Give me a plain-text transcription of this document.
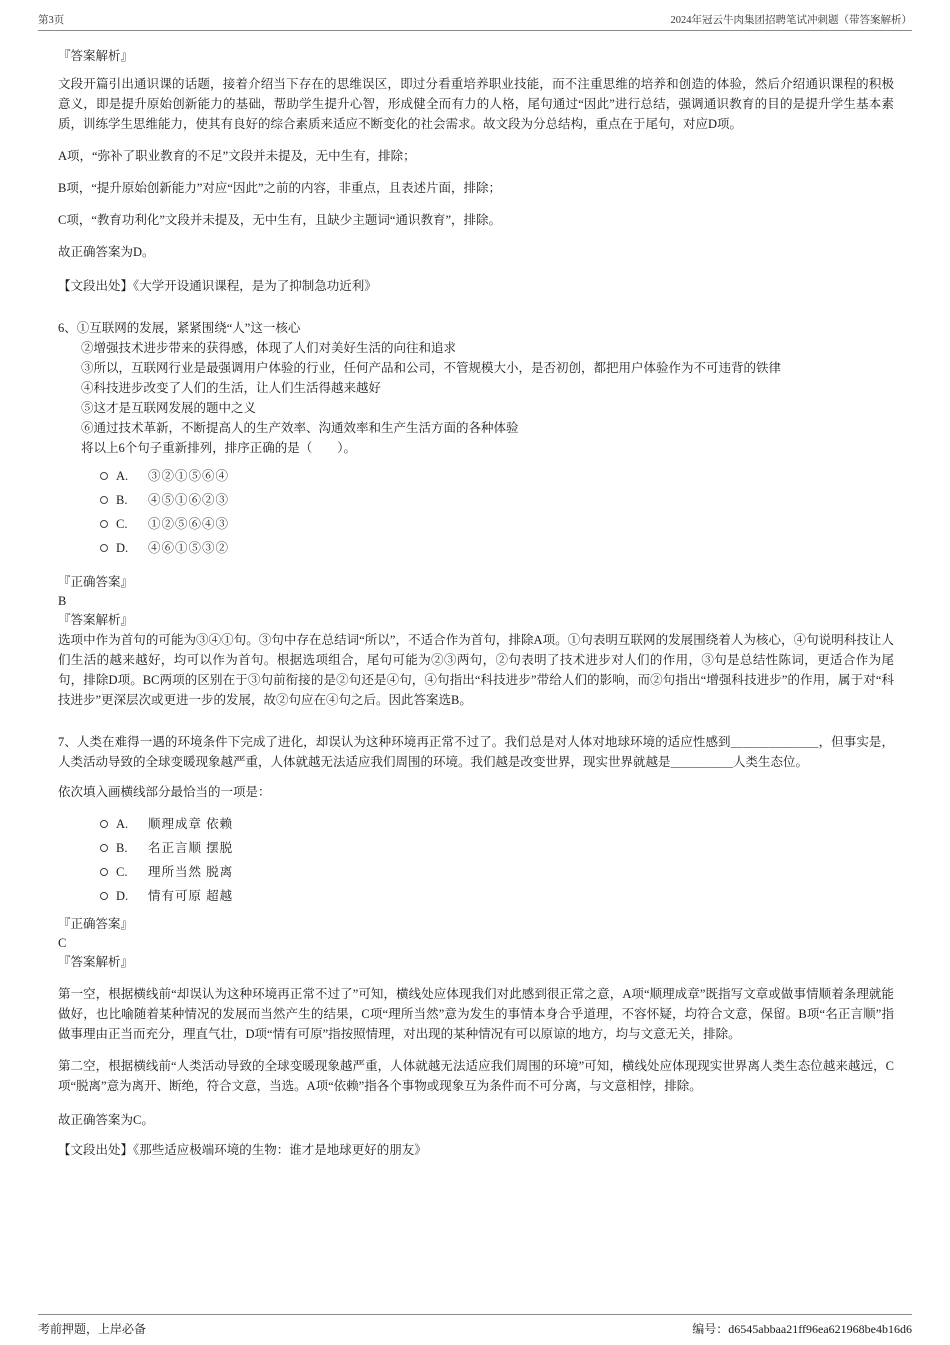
第3页	2024年冠云牛肉集团招聘笔试冲刺题（带答案解析）
『答案解析』

文段开篇引出通识课的话题，接着介绍当下存在的思维误区，即过分看重培养职业技能，而不注重思维的培养和创造的体验，然后介绍通识课程的积极意义，即是提升原始创新能力的基础，帮助学生提升心智，形成健全而有力的人格，尾句通过“因此”进行总结，强调通识教育的目的是提升学生基本素质，训练学生思维能力，使其有良好的综合素质来适应不断变化的社会需求。故文段为分总结构，重点在于尾句，对应D项。

A项，“弥补了职业教育的不足”文段并未提及，无中生有，排除；

B项，“提升原始创新能力”对应“因此”之前的内容，非重点，且表述片面，排除；

C项，“教育功利化”文段并未提及，无中生有，且缺少主题词“通识教育”，排除。

故正确答案为D。

【文段出处】《大学开设通识课程，是为了抑制急功近利》

6、①互联网的发展，紧紧围绕“人”这一核心

②增强技术进步带来的获得感，体现了人们对美好生活的向往和追求

③所以，互联网行业是最强调用户体验的行业，任何产品和公司，不管规模大小，是否初创，都把用户体验作为不可违背的铁律

④科技进步改变了人们的生活，让人们生活得越来越好

⑤这才是互联网发展的题中之义

⑥通过技术革新，不断提高人的生产效率、沟通效率和生产生活方面的各种体验

将以上6个句子重新排列，排序正确的是（　　）。

A.	③②①⑤⑥④
B.	④⑤①⑥②③
C.	①②⑤⑥④③
D.	④⑥①⑤③②
『正确答案』
B
『答案解析』

选项中作为首句的可能为③④①句。③句中存在总结词“所以”，不适合作为首句，排除A项。①句表明互联网的发展围绕着人为核心，④句说明科技让人们生活的越来越好，均可以作为首句。根据选项组合，尾句可能为②③两句，②句表明了技术进步对人们的作用，③句是总结性陈词，更适合作为尾句，排除D项。BC两项的区别在于③句前衔接的是②句还是④句，④句指出“科技进步”带给人们的影响，而②句指出“增强科技进步”的作用，属于对“科技进步”更深层次或更进一步的发展，故②句应在④句之后。因此答案选B。

7、人类在难得一遇的环境条件下完成了进化，却误认为这种环境再正常不过了。我们总是对人体对地球环境的适应性感到＿＿＿＿＿＿＿，但事实是，人类活动导致的全球变暖现象越严重，人体就越无法适应我们周围的环境。我们越是改变世界，现实世界就越是＿＿＿＿＿人类生态位。

依次填入画横线部分最恰当的一项是：

A.	顺理成章 依赖
B.	名正言顺 摆脱
C.	理所当然 脱离
D.	情有可原 超越
『正确答案』
C
『答案解析』

第一空，根据横线前“却误认为这种环境再正常不过了”可知，横线处应体现我们对此感到很正常之意，A项“顺理成章”既指写文章或做事情顺着条理就能做好，也比喻随着某种情况的发展而当然产生的结果，C项“理所当然”意为发生的事情本身合乎道理，不容怀疑，均符合文意，保留。B项“名正言顺”指做事理由正当而充分，理直气壮，D项“情有可原”指按照情理，对出现的某种情况有可以原谅的地方，均与文意无关，排除。

第二空，根据横线前“人类活动导致的全球变暖现象越严重，人体就越无法适应我们周围的环境”可知，横线处应体现现实世界离人类生态位越来越远，C项“脱离”意为离开、断绝，符合文意，当选。A项“依赖”指各个事物或现象互为条件而不可分离，与文意相悖，排除。

故正确答案为C。

【文段出处】《那些适应极端环境的生物：谁才是地球更好的朋友》

考前押题，上岸必备	编号：d6545abbaa21ff96ea621968be4b16d6
